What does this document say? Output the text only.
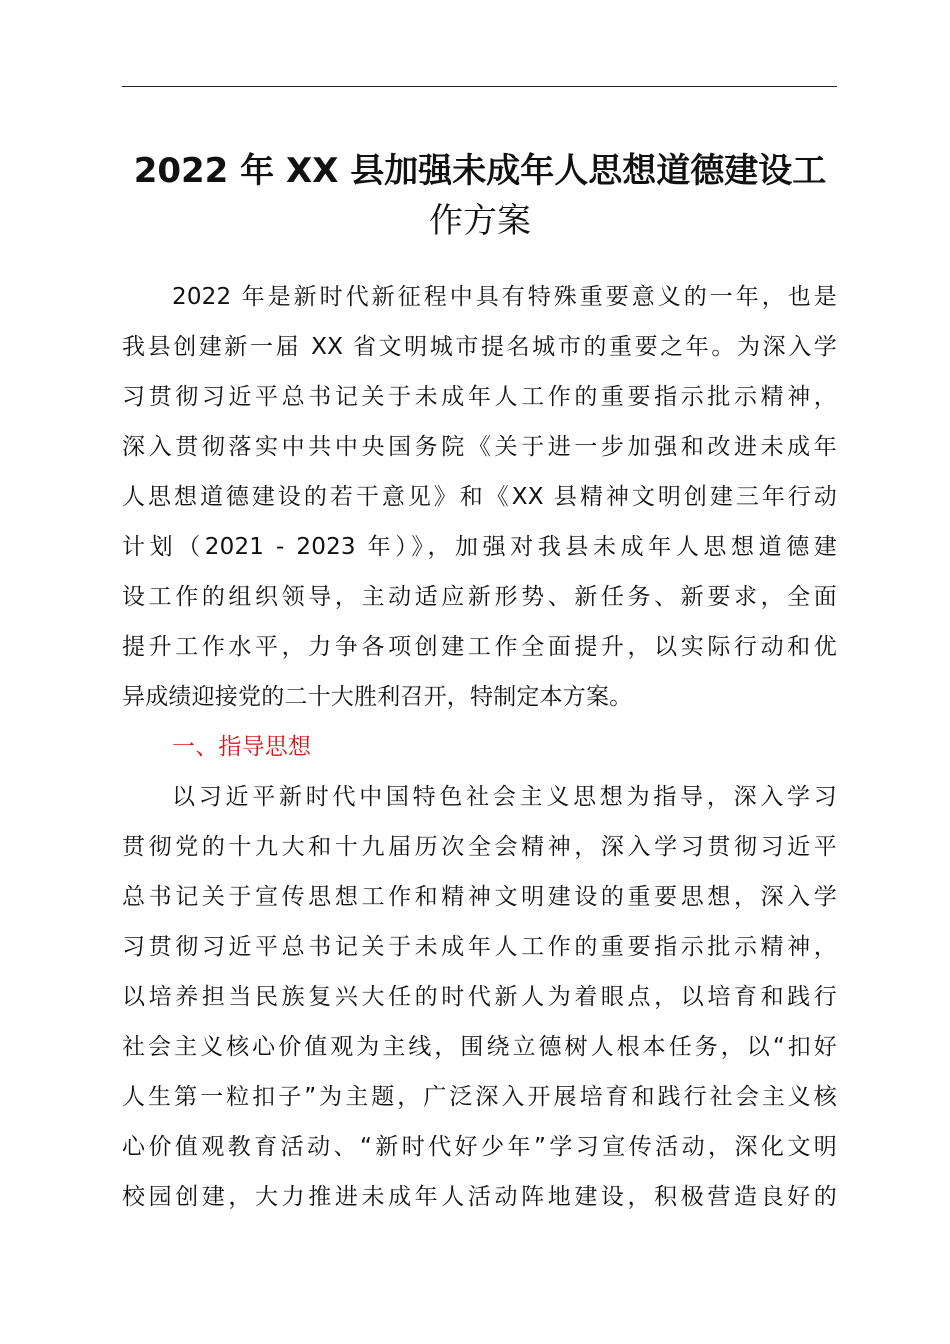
2022 年 XX 县加强未成年人思想道德建设工
作方案
2022 年是新时代新征程中具有特殊重要意义的一年，也是
我县创建新一届 XX 省文明城市提名城市的重要之年。为深入学
习贯彻习近平总书记关于未成年人工作的重要指示批示精神，
深入贯彻落实中共中央国务院《关于进一步加强和改进未成年
人思想道德建设的若干意见》和《XX 县精神文明创建三年行动
计划（2021 - 2023 年）》，加强对我县未成年人思想道德建
设工作的组织领导，主动适应新形势、新任务、新要求，全面
提升工作水平，力争各项创建工作全面提升，以实际行动和优
异成绩迎接党的二十大胜利召开，特制定本方案。
一、指导思想
以习近平新时代中国特色社会主义思想为指导，深入学习
贯彻党的十九大和十九届历次全会精神，深入学习贯彻习近平
总书记关于宣传思想工作和精神文明建设的重要思想，深入学
习贯彻习近平总书记关于未成年人工作的重要指示批示精神，
以培养担当民族复兴大任的时代新人为着眼点，以培育和践行
社会主义核心价值观为主线，围绕立德树人根本任务，以“扣好
人生第一粒扣子”为主题，广泛深入开展培育和践行社会主义核
心价值观教育活动、“新时代好少年”学习宣传活动，深化文明
校园创建，大力推进未成年人活动阵地建设，积极营造良好的
